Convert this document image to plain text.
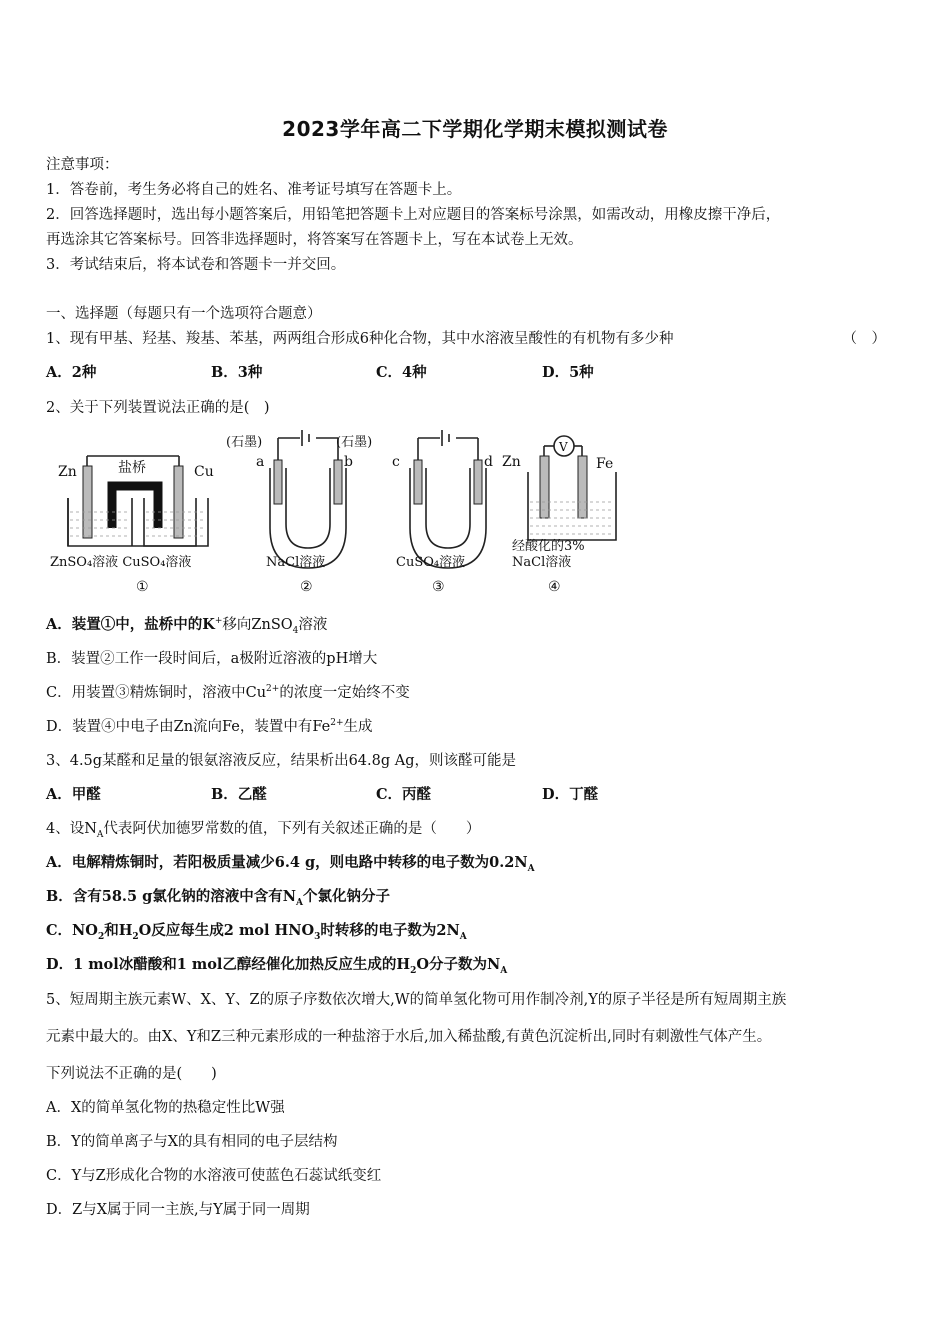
2023学年高二下学期化学期末模拟测试卷
注意事项：
1．答卷前，考生务必将自己的姓名、准考证号填写在答题卡上。
2．回答选择题时，选出每小题答案后，用铅笔把答题卡上对应题目的答案标号涂黑，如需改动，用橡皮擦干净后，
再选涂其它答案标号。回答非选择题时，将答案写在答题卡上，写在本试卷上无效。
3．考试结束后，将本试卷和答题卡一并交回。
一、选择题（每题只有一个选项符合题意）
1、现有甲基、羟基、羧基、苯基，两两组合形成6种化合物，其中水溶液呈酸性的有机物有多少种	（　）
A．2种	B．3种	C．4种	D．5种
2、关于下列装置说法正确的是(　)
Zn	Cu
盐桥
ZnSO₄溶液 CuSO₄溶液
①
(石墨)	(石墨)
a	b
NaCl溶液
②
c	d
CuSO₄溶液
③
V
Zn	Fe
经酸化的3%
NaCl溶液
④
A．装置①中，盐桥中的K+移向ZnSO$_4$溶液
B．装置②工作一段时间后，a极附近溶液的pH增大
C．用装置③精炼铜时，溶液中$Cu^{2+}$的浓度一定始终不变
D．装置④中电子由Zn流向Fe，装置中有$Fe^{2+}$生成
3、4.5g某醛和足量的银氨溶液反应，结果析出64.8g Ag，则该醛可能是
A．甲醛	B．乙醛	C．丙醛	D．丁醛
4、设$N_A$代表阿伏加德罗常数的值，下列有关叙述正确的是（　　）
A．电解精炼铜时，若阳极质量减少6.4 g，则电路中转移的电子数为$0.2N_A$
B．含有58.5 g氯化钠的溶液中含有$N_A$个氯化钠分子
C．$NO_2$和$H_2O$反应每生成2 mol $HNO_3$时转移的电子数为$2N_A$
D．1 mol冰醋酸和1 mol乙醇经催化加热反应生成的$H_2O$分子数为$N_A$
5、短周期主族元素W、X、Y、Z的原子序数依次增大,W的简单氢化物可用作制冷剂,Y的原子半径是所有短周期主族
元素中最大的。由X、Y和Z三种元素形成的一种盐溶于水后,加入稀盐酸,有黄色沉淀析出,同时有刺激性气体产生。
下列说法不正确的是(　　)
A．X的简单氢化物的热稳定性比W强
B．Y的简单离子与X的具有相同的电子层结构
C．Y与Z形成化合物的水溶液可使蓝色石蕊试纸变红
D．Z与X属于同一主族,与Y属于同一周期
